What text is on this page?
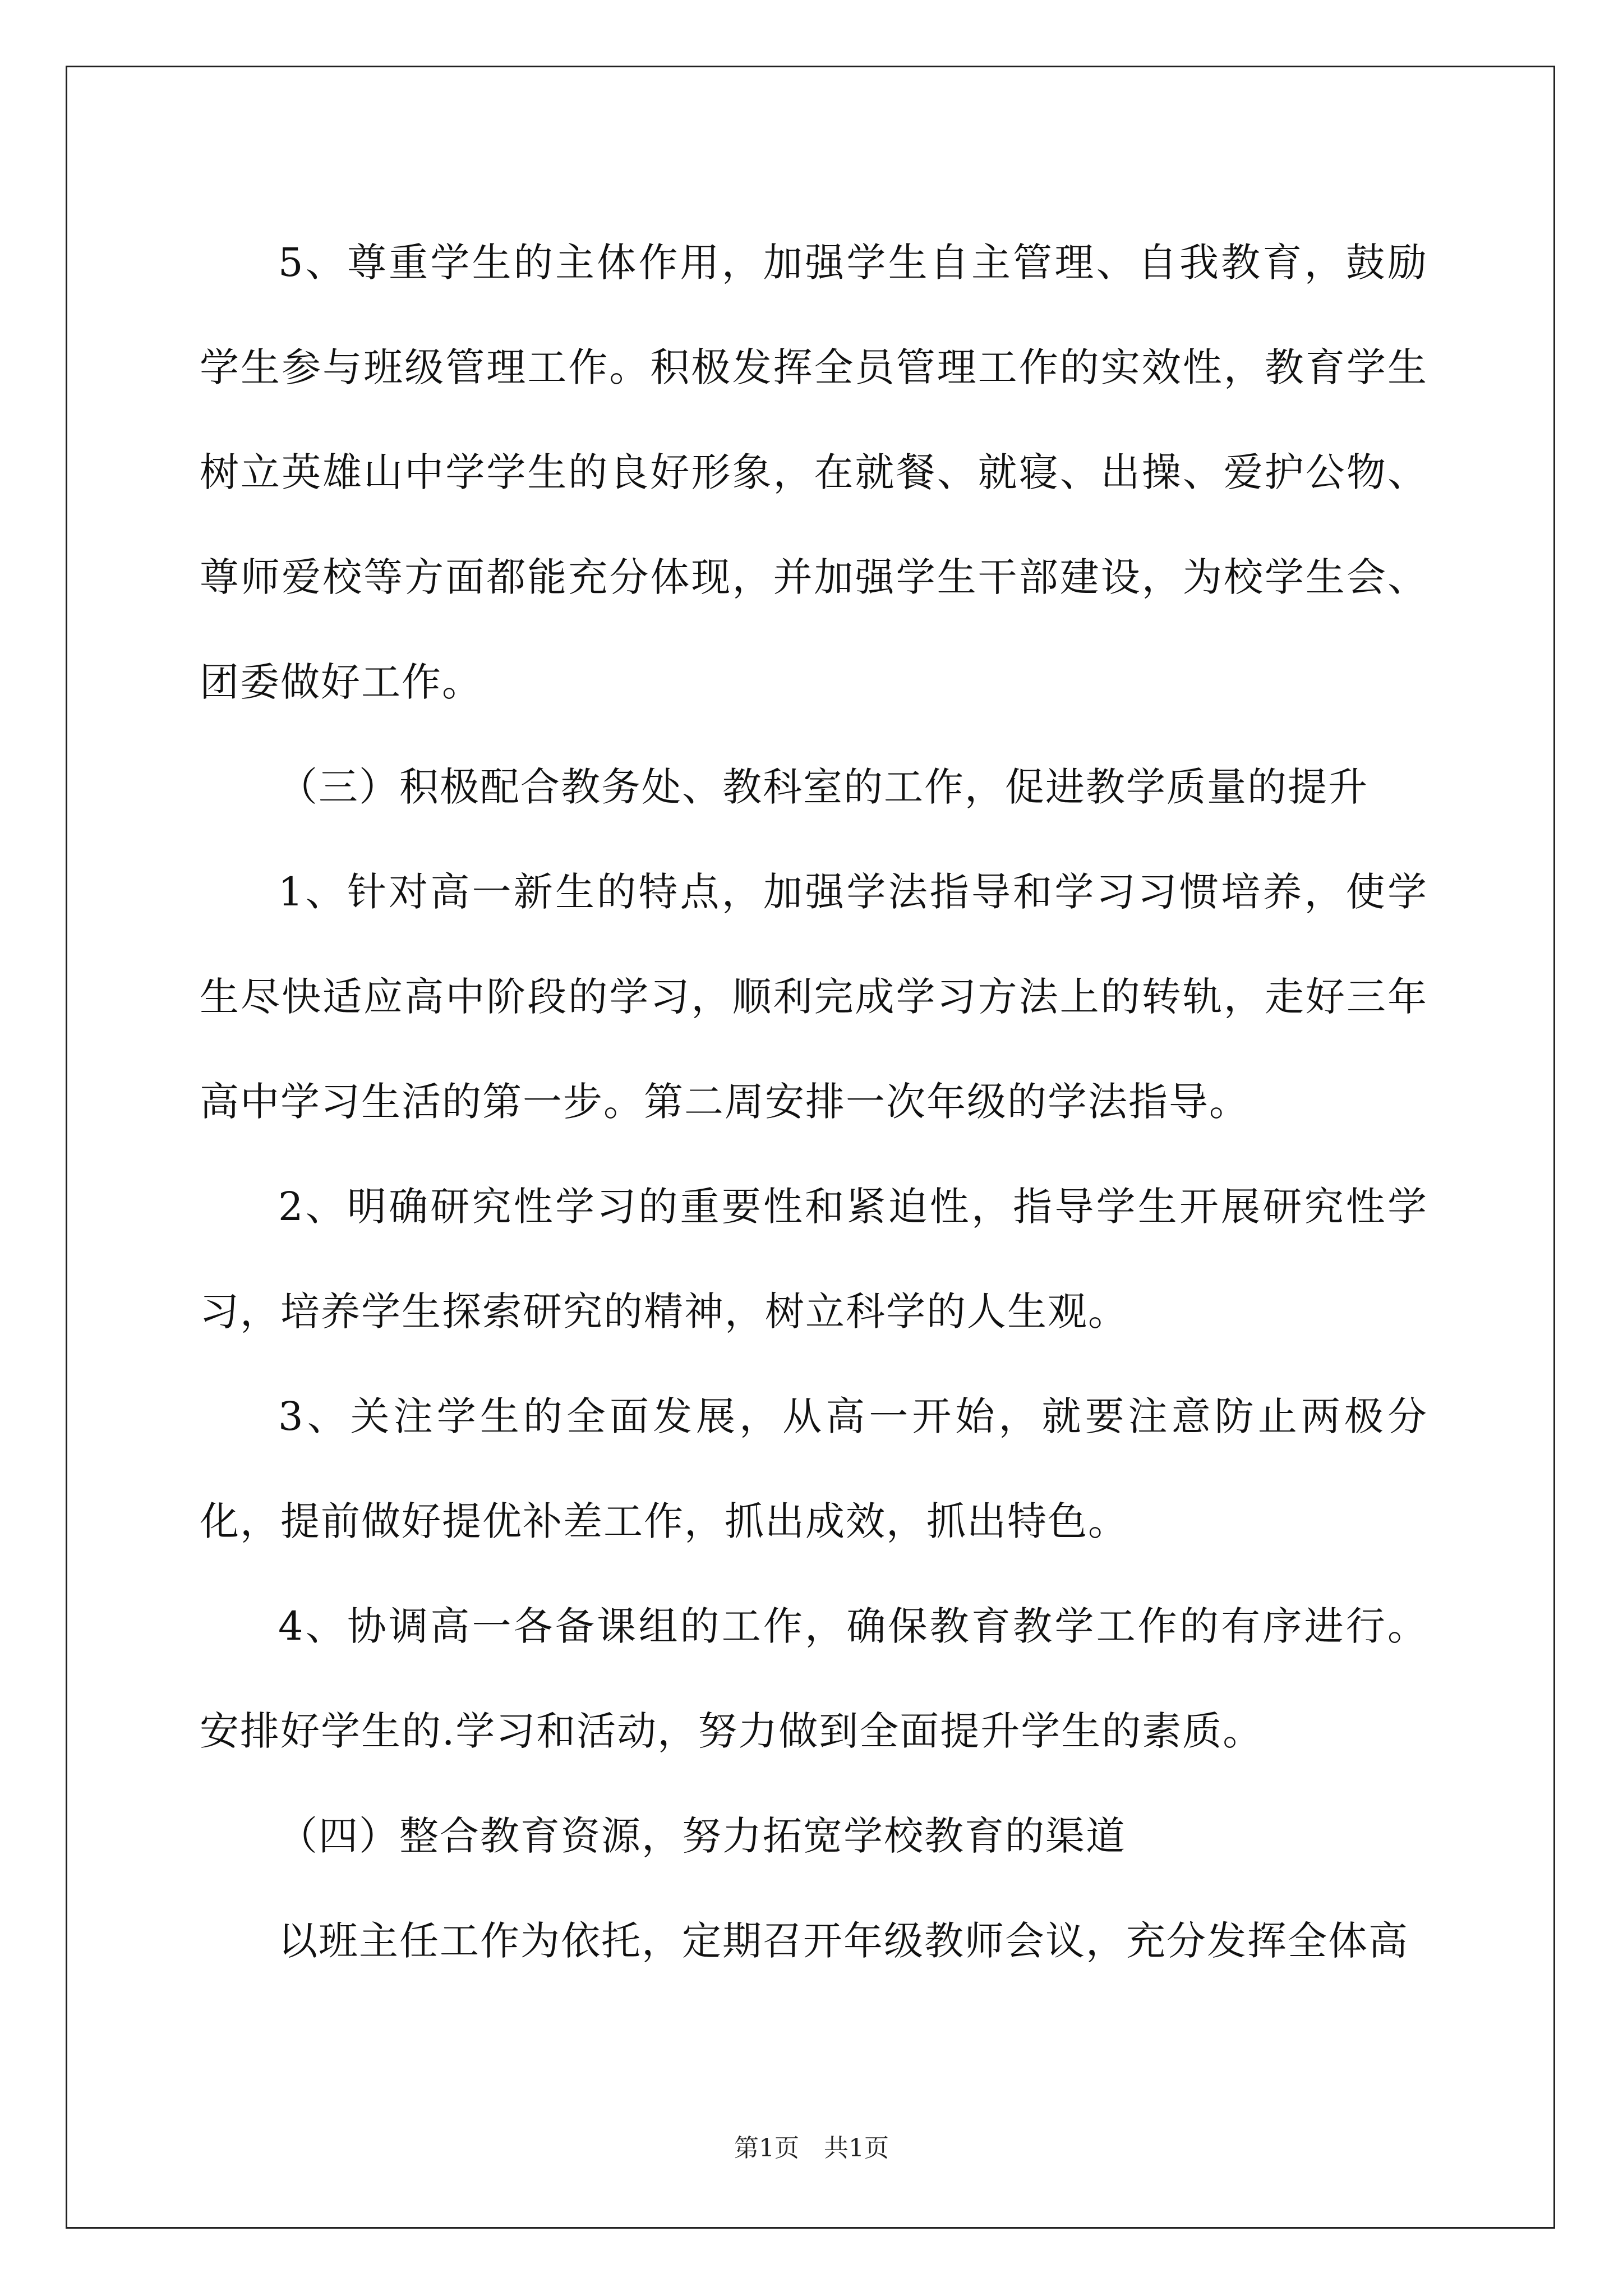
5、尊重学生的主体作用，加强学生自主管理、自我教育，鼓励学生参与班级管理工作。积极发挥全员管理工作的实效性，教育学生树立英雄山中学学生的良好形象，在就餐、就寝、出操、爱护公物、尊师爱校等方面都能充分体现，并加强学生干部建设，为校学生会、团委做好工作。

（三）积极配合教务处、教科室的工作，促进教学质量的提升

1、针对高一新生的特点，加强学法指导和学习习惯培养，使学生尽快适应高中阶段的学习，顺利完成学习方法上的转轨，走好三年高中学习生活的第一步。第二周安排一次年级的学法指导。

2、明确研究性学习的重要性和紧迫性，指导学生开展研究性学习，培养学生探索研究的精神，树立科学的人生观。

3、关注学生的全面发展，从高一开始，就要注意防止两极分化，提前做好提优补差工作，抓出成效，抓出特色。

4、协调高一各备课组的工作，确保教育教学工作的有序进行。安排好学生的.学习和活动，努力做到全面提升学生的素质。

（四）整合教育资源，努力拓宽学校教育的渠道

以班主任工作为依托，定期召开年级教师会议，充分发挥全体高

第1页　共1页
